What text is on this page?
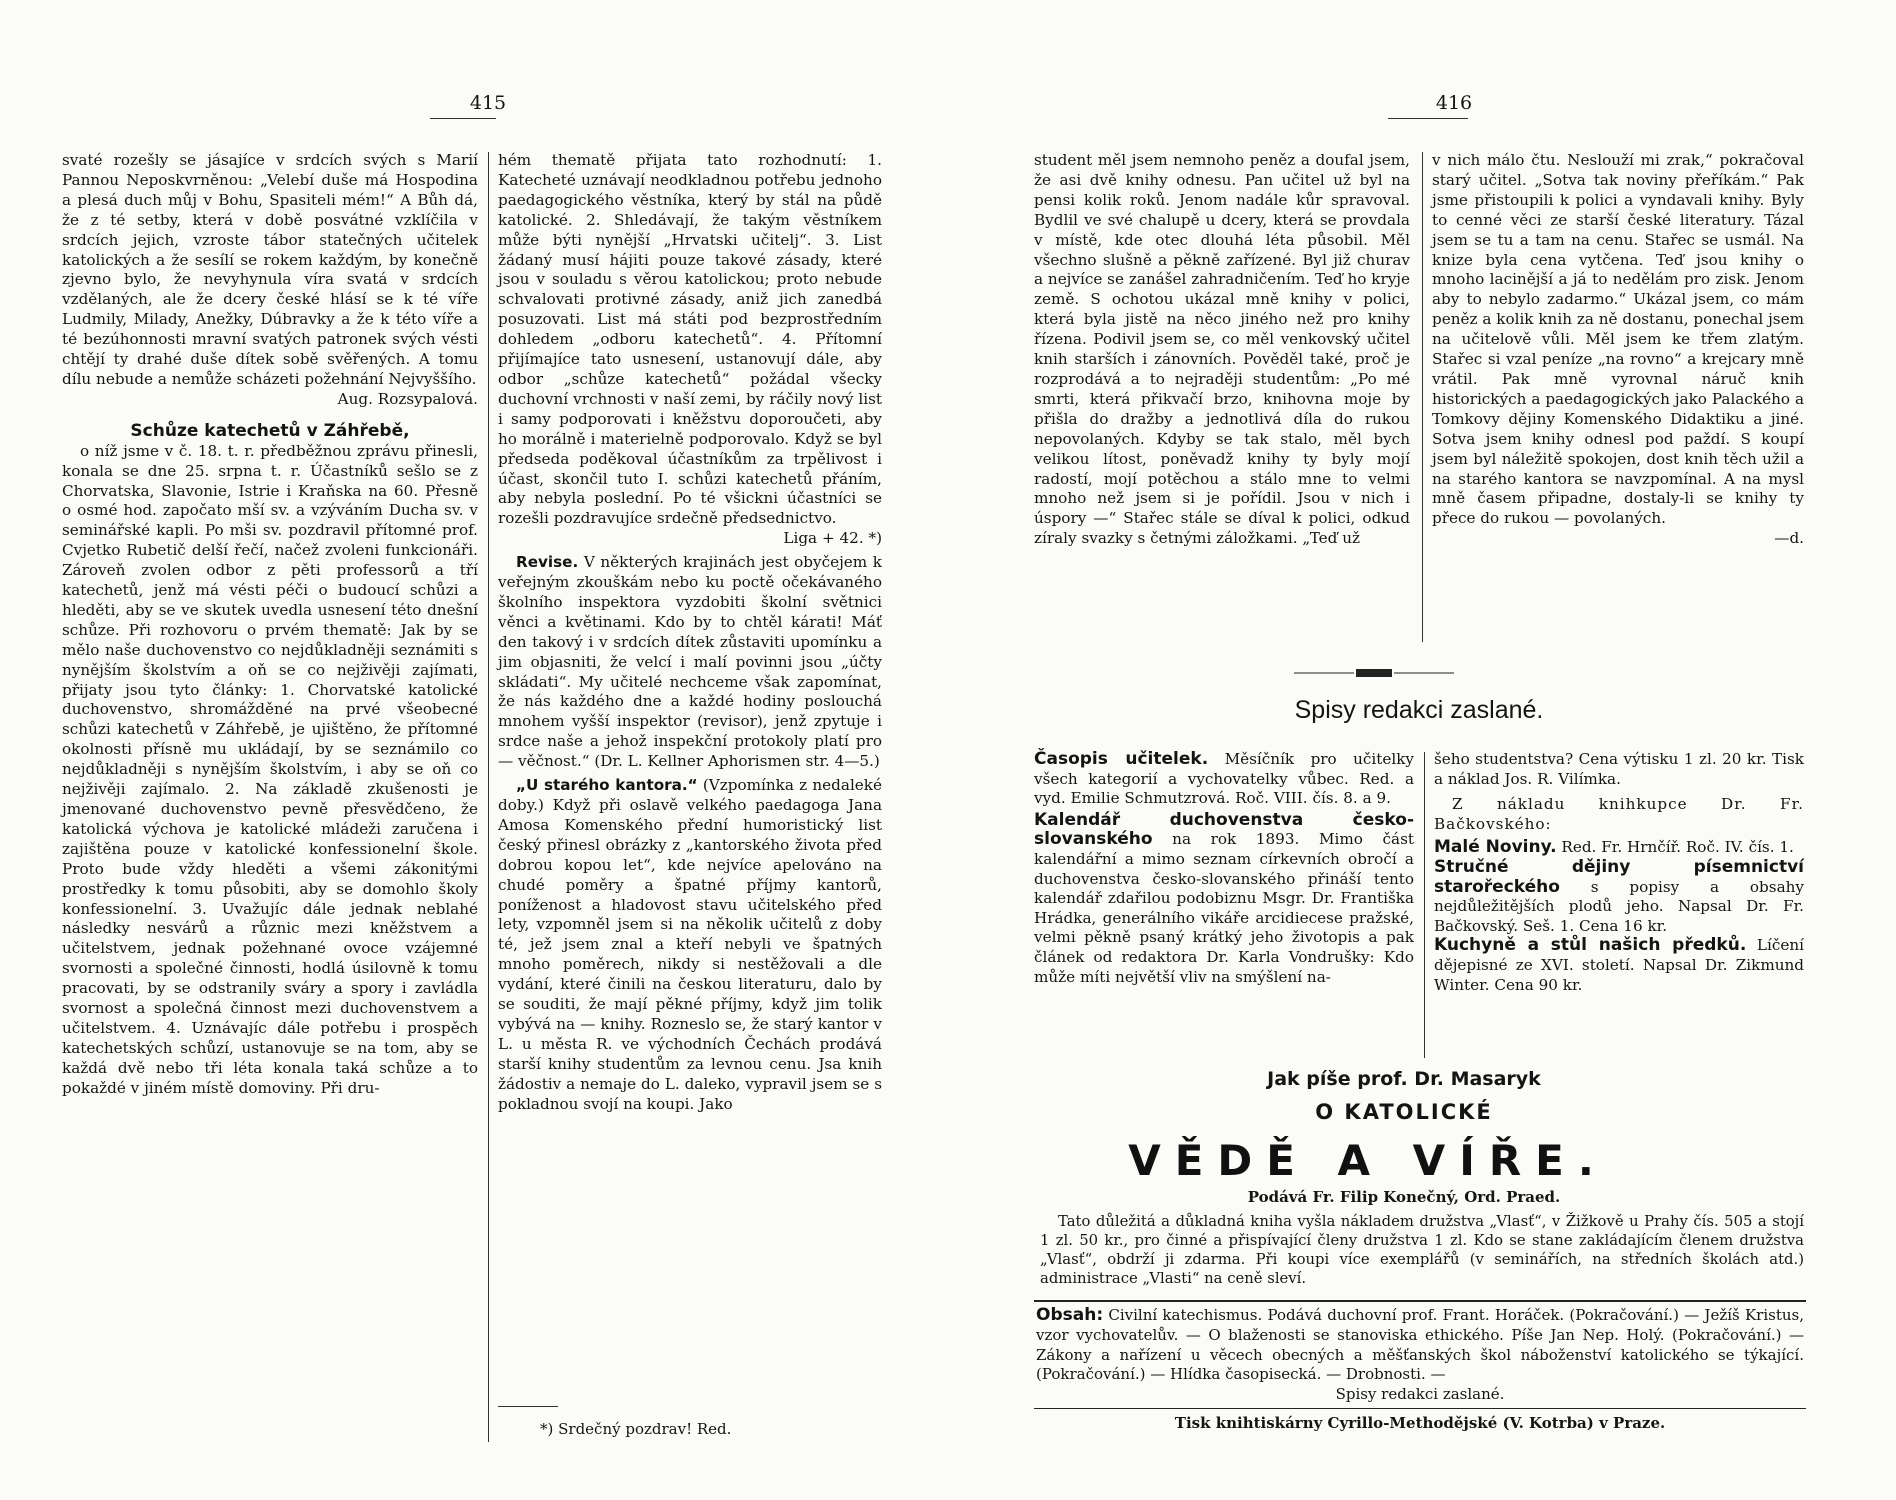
415

svaté rozešly se jásajíce v srdcích svých s Marií Pannou Neposkvrněnou: „Velebí duše má Hospodina a plesá duch můj v Bohu, Spasiteli mém!“ A Bůh dá, že z té setby, která v době posvátné vzklíčila v srdcích jejich, vzroste tábor statečných učitelek katolických a že sesílí se rokem každým, by konečně zjevno bylo, že nevyhynula víra svatá v srdcích vzdělaných, ale že dcery české hlásí se k té víře Ludmily, Milady, Anežky, Dúbravky a že k této víře a té bezúhonnosti mravní svatých patronek svých vésti chtějí ty drahé duše dítek sobě svěřených. A tomu dílu nebude a nemůže scházeti požehnání Nejvyššího.

Aug. Rozsypalová.

Schůze katechetů v Záhřebě,

o níž jsme v č. 18. t. r. předběžnou zprávu přinesli, konala se dne 25. srpna t. r. Účastníků sešlo se z Chorvatska, Slavonie, Istrie i Kraňska na 60. Přesně o osmé hod. započato mší sv. a vzýváním Ducha sv. v seminářské kapli. Po mši sv. pozdravil přítomné prof. Cvjetko Rubetič delší řečí, načež zvoleni funkcionáři. Zároveň zvolen odbor z pěti professorů a tří katechetů, jenž má vésti péči o budoucí schůzi a hleděti, aby se ve skutek uvedla usnesení této dnešní schůze. Při rozhovoru o prvém thematě: Jak by se mělo naše duchovenstvo co nejdůkladněji seznámiti s nynějším školstvím a oň se co nejživěji zajímati, přijaty jsou tyto články: 1. Chorvatské katolické duchovenstvo, shromážděné na prvé všeobecné schůzi katechetů v Záhřebě, je ujištěno, že přítomné okolnosti přísně mu ukládají, by se seznámilo co nejdůkladněji s nynějším školstvím, i aby se oň co nejživěji zajímalo. 2. Na základě zkušenosti je jmenované duchovenstvo pevně přesvědčeno, že katolická výchova je katolické mládeži zaručena i zajištěna pouze v katolické konfessionelní škole. Proto bude vždy hleděti a všemi zákonitými prostředky k tomu působiti, aby se domohlo školy konfessionelní. 3. Uvažujíc dále jednak neblahé následky nesvárů a různic mezi kněžstvem a učitelstvem, jednak požehnané ovoce vzájemné svornosti a společné činnosti, hodlá úsilovně k tomu pracovati, by se odstranily sváry a spory i zavládla svornost a společná činnost mezi duchovenstvem a učitelstvem. 4. Uznávajíc dále potřebu i prospěch katechetských schůzí, ustanovuje se na tom, aby se každá dvě nebo tři léta konala taká schůze a to pokaždé v jiném místě domoviny. Při dru-

hém thematě přijata tato rozhodnutí: 1. Katecheté uznávají neodkladnou potřebu jednoho paedagogického věstníka, který by stál na půdě katolické. 2. Shledávají, že takým věstníkem může býti nynější „Hrvatski učitelj“. 3. List žádaný musí hájiti pouze takové zásady, které jsou v souladu s věrou katolickou; proto nebude schvalovati protivné zásady, aniž jich zanedbá posuzovati. List má státi pod bezprostředním dohledem „odboru katechetů“. 4. Přítomní přijímajíce tato usnesení, ustanovují dále, aby odbor „schůze katechetů“ požádal všecky duchovní vrchnosti v naší zemi, by ráčily nový list i samy podporovati i kněžstvu doporoučeti, aby ho morálně i materielně podporovalo. Když se byl předseda poděkoval účastníkům za trpělivost i účast, skončil tuto I. schůzi katechetů přáním, aby nebyla poslední. Po té všickni účastníci se rozešli pozdravujíce srdečně předsednictvo.

Liga + 42. *)

Revise. V některých krajinách jest obyčejem k veřejným zkouškám nebo ku poctě očekávaného školního inspektora vyzdobiti školní světnici věnci a květinami. Kdo by to chtěl kárati! Máť den takový i v srdcích dítek zůstaviti upomínku a jim objasniti, že velcí i malí povinni jsou „účty skládati“. My učitelé nechceme však zapomínat, že nás každého dne a každé hodiny poslouchá mnohem vyšší inspektor (revisor), jenž zpytuje i srdce naše a jehož inspekční protokoly platí pro — věčnost.“ (Dr. L. Kellner Aphorismen str. 4—5.)

„U starého kantora.“ (Vzpomínka z nedaleké doby.) Když při oslavě velkého paedagoga Jana Amosa Komenského přední humoristický list český přinesl obrázky z „kantorského života před dobrou kopou let“, kde nejvíce apelováno na chudé poměry a špatné příjmy kantorů, poníženost a hladovost stavu učitelského před lety, vzpomněl jsem si na několik učitelů z doby té, jež jsem znal a kteří nebyli ve špatných mnoho poměrech, nikdy si nestěžovali a dle vydání, které činili na českou literaturu, dalo by se souditi, že mají pěkné příjmy, když jim tolik vybývá na — knihy. Rozneslo se, že starý kantor v L. u města R. ve východních Čechách prodává starší knihy studentům za levnou cenu. Jsa knih žádostiv a nemaje do L. daleko, vypravil jsem se s pokladnou svojí na koupi. Jako

*) Srdečný pozdrav! Red.
416
student měl jsem nemnoho peněz a doufal jsem, že asi dvě knihy odnesu. Pan učitel už byl na pensi kolik roků. Jenom nadále kůr spravoval. Bydlil ve své chalupě u dcery, která se provdala v místě, kde otec dlouhá léta působil. Měl všechno slušně a pěkně zařízené. Byl již churav a nejvíce se zanášel zahradničením. Teď ho kryje země. S ochotou ukázal mně knihy v polici, která byla jistě na něco jiného než pro knihy řízena. Podivil jsem se, co měl venkovský učitel knih starších i zánovních. Pověděl také, proč je rozprodává a to nejraději studentům: „Po mé smrti, která přikvačí brzo, knihovna moje by přišla do dražby a jednotlivá díla do rukou nepovolaných. Kdyby se tak stalo, měl bych velikou lítost, poněvadž knihy ty byly mojí radostí, mojí potěchou a stálo mne to velmi mnoho než jsem si je pořídil. Jsou v nich i úspory —“ Stařec stále se díval k polici, odkud zíraly svazky s četnými záložkami. „Teď už

v nich málo čtu. Neslouží mi zrak,“ pokračoval starý učitel. „Sotva tak noviny přeříkám.“ Pak jsme přistoupili k polici a vyndavali knihy. Byly to cenné věci ze starší české literatury. Tázal jsem se tu a tam na cenu. Stařec se usmál. Na knize byla cena vytčena. Teď jsou knihy o mnoho lacinější a já to nedělám pro zisk. Jenom aby to nebylo zadarmo.“ Ukázal jsem, co mám peněz a kolik knih za ně dostanu, ponechal jsem na učitelově vůli. Měl jsem ke třem zlatým. Stařec si vzal peníze „na rovno“ a krejcary mně vrátil. Pak mně vyrovnal náruč knih historických a paedagogických jako Palackého a Tomkovy dějiny Komenského Didaktiku a jiné. Sotva jsem knihy odnesl pod paždí. S koupí jsem byl náležitě spokojen, dost knih těch užil a na starého kantora se navzpomínal. A na mysl mně časem připadne, dostaly-li se knihy ty přece do rukou — povolaných.

—d.

Spisy redakci zaslané.

Časopis učitelek. Měsíčník pro učitelky všech kategorií a vychovatelky vůbec. Red. a vyd. Emilie Schmutzrová. Roč. VIII. čís. 8. a 9.

Kalendář duchovenstva česko-slovanského na rok 1893. Mimo část kalendářní a mimo seznam církevních obročí a duchovenstva česko-slovanského přináší tento kalendář zdařilou podobiznu Msgr. Dr. Františka Hrádka, generálního vikáře arcidiecese pražské, velmi pěkně psaný krátký jeho životopis a pak článek od redaktora Dr. Karla Vondrušky: Kdo může míti největší vliv na smýšlení na-

šeho studentstva? Cena výtisku 1 zl. 20 kr. Tisk a náklad Jos. R. Vilímka.

Z nákladu knihkupce Dr. Fr. Bačkovského:

Malé Noviny. Red. Fr. Hrnčíř. Roč. IV. čís. 1.

Stručné dějiny písemnictví starořeckého s popisy a obsahy nejdůležitějších plodů jeho. Napsal Dr. Fr. Bačkovský. Seš. 1. Cena 16 kr.

Kuchyně a stůl našich předků. Líčení dějepisné ze XVI. století. Napsal Dr. Zikmund Winter. Cena 90 kr.

Jak píše prof. Dr. Masaryk
O KATOLICKÉ
VĚDĚ A VÍŘE.
Podává Fr. Filip Konečný, Ord. Praed.

Tato důležitá a důkladná kniha vyšla nákladem družstva „Vlasť“, v Žižkově u Prahy čís. 505 a stojí 1 zl. 50 kr., pro činné a přispívající členy družstva 1 zl. Kdo se stane zakládajícím členem družstva „Vlasť“, obdrží ji zdarma. Při koupi více exemplářů (v seminářích, na středních školách atd.) administrace „Vlasti“ na ceně sleví.

Obsah: Civilní katechismus. Podává duchovní prof. Frant. Horáček. (Pokračování.) — Ježíš Kristus, vzor vychovatelův. — O blaženosti se stanoviska ethického. Píše Jan Nep. Holý. (Pokračování.) — Zákony a nařízení u věcech obecných a měšťanských škol náboženství katolického se týkající. (Pokračování.) — Hlídka časopisecká. — Drobnosti. —
Spisy redakci zaslané.
Tisk knihtiskárny Cyrillo-Methodějské (V. Kotrba) v Praze.
